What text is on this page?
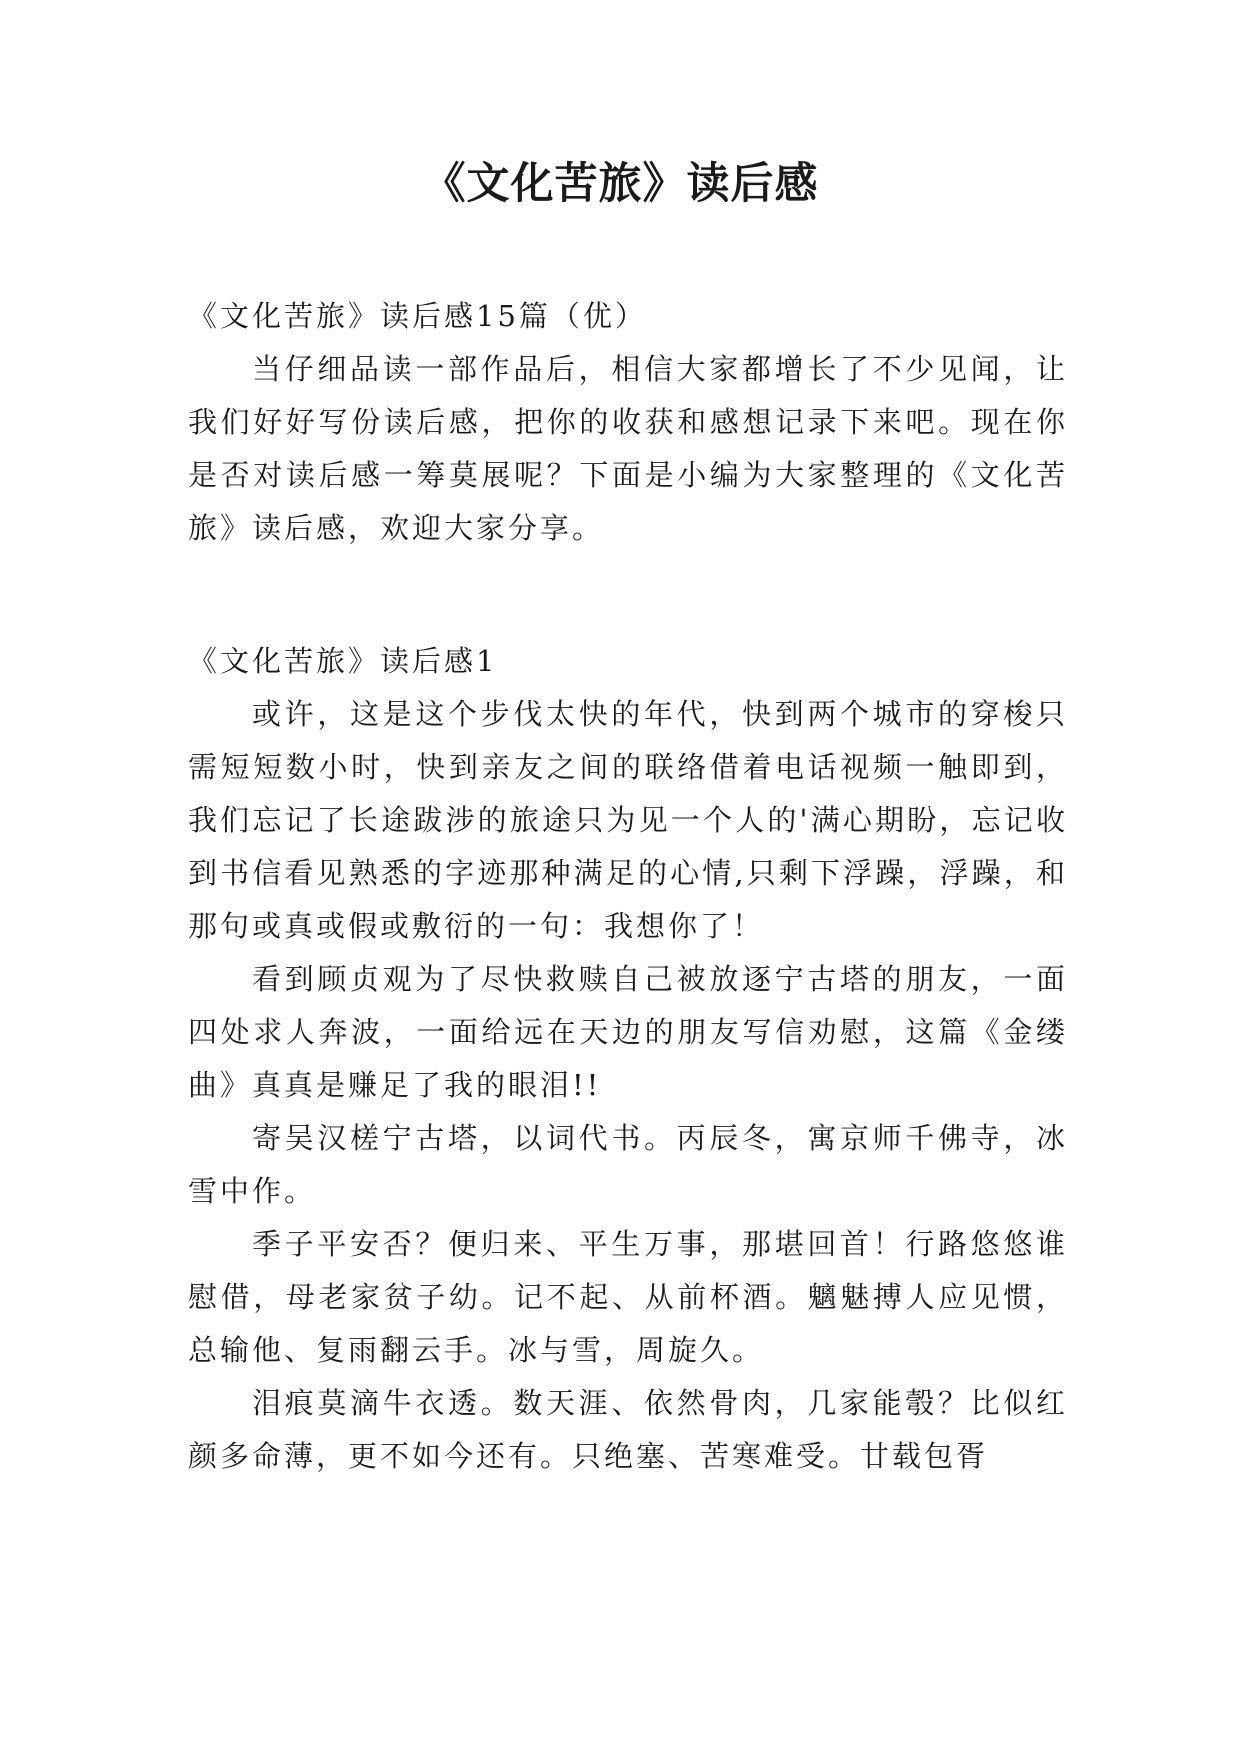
《文化苦旅》读后感

《文化苦旅》读后感15篇（优）

当仔细品读一部作品后，相信大家都增长了不少见闻，让我们好好写份读后感，把你的收获和感想记录下来吧。现在你是否对读后感一筹莫展呢？下面是小编为大家整理的《文化苦旅》读后感，欢迎大家分享。

《文化苦旅》读后感1

或许，这是这个步伐太快的年代，快到两个城市的穿梭只需短短数小时，快到亲友之间的联络借着电话视频一触即到，我们忘记了长途跋涉的旅途只为见一个人的'满心期盼，忘记收到书信看见熟悉的字迹那种满足的心情,只剩下浮躁，浮躁，和那句或真或假或敷衍的一句：我想你了！

看到顾贞观为了尽快救赎自己被放逐宁古塔的朋友，一面四处求人奔波，一面给远在天边的朋友写信劝慰，这篇《金缕曲》真真是赚足了我的眼泪!!

寄吴汉槎宁古塔，以词代书。丙辰冬，寓京师千佛寺，冰雪中作。

季子平安否？便归来、平生万事，那堪回首！行路悠悠谁慰借，母老家贫子幼。记不起、从前杯酒。魑魅搏人应见惯，总输他、复雨翻云手。冰与雪，周旋久。

泪痕莫滴牛衣透。数天涯、依然骨肉，几家能彀？比似红颜多命薄，更不如今还有。只绝塞、苦寒难受。廿载包胥
